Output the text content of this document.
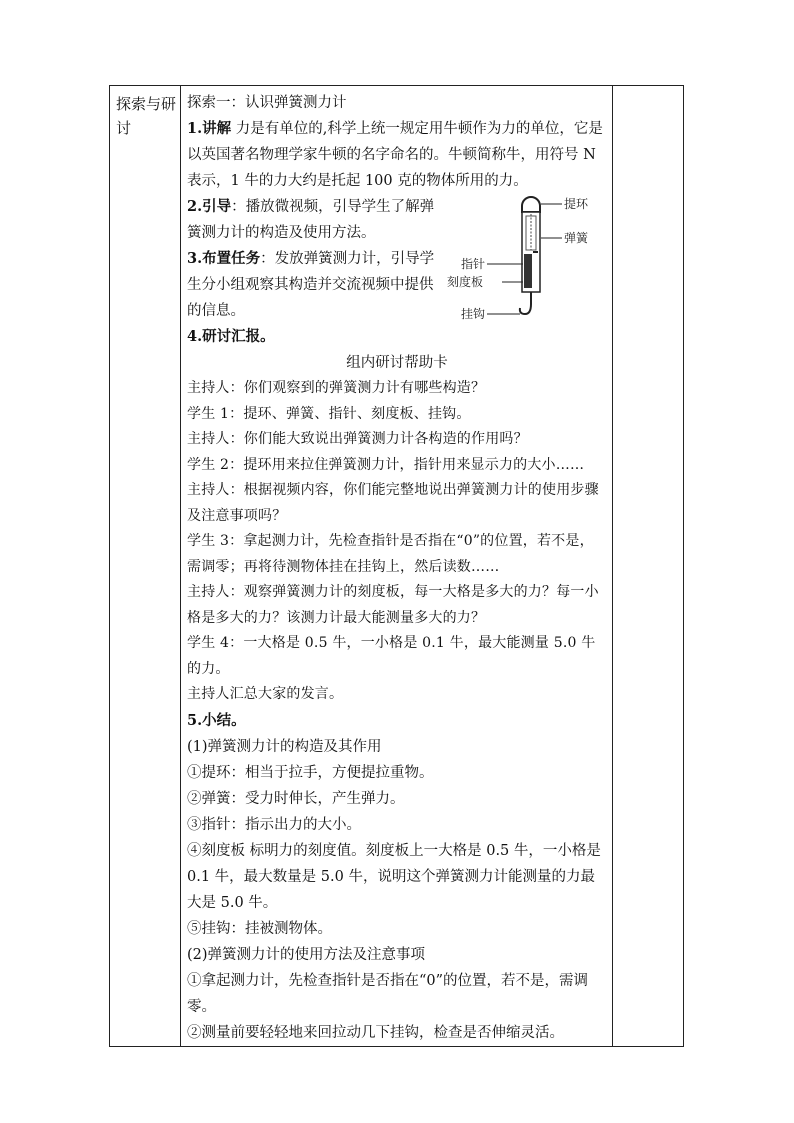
探索与研讨

探索一：认识弹簧测力计

1.讲解 力是有单位的,科学上统一规定用牛顿作为力的单位，它是以英国著名物理学家牛顿的名字命名的。牛顿简称牛，用符号 N 表示，1 牛的力大约是托起 100 克的物体所用的力。

2.引导：播放微视频，引导学生了解弹簧测力计的构造及使用方法。

3.布置任务：发放弹簧测力计，引导学生分小组观察其构造并交流视频中提供的信息。

4.研讨汇报。

提环
弹簧
指针
刻度板
挂钩

组内研讨帮助卡

主持人：你们观察到的弹簧测力计有哪些构造？

学生 1：提环、弹簧、指针、刻度板、挂钩。

主持人：你们能大致说出弹簧测力计各构造的作用吗？

学生 2：提环用来拉住弹簧测力计，指针用来显示力的大小……

主持人：根据视频内容，你们能完整地说出弹簧测力计的使用步骤及注意事项吗？

学生 3：拿起测力计，先检查指针是否指在“0”的位置，若不是，需调零；再将待测物体挂在挂钩上，然后读数……

主持人：观察弹簧测力计的刻度板，每一大格是多大的力？每一小格是多大的力？该测力计最大能测量多大的力？

学生 4：一大格是 0.5 牛，一小格是 0.1 牛，最大能测量 5.0 牛的力。

主持人汇总大家的发言。

5.小结。

(1)弹簧测力计的构造及其作用

①提环：相当于拉手，方便提拉重物。

②弹簧：受力时伸长，产生弹力。

③指针：指示出力的大小。

④刻度板 标明力的刻度值。刻度板上一大格是 0.5 牛，一小格是 0.1 牛，最大数量是 5.0 牛，说明这个弹簧测力计能测量的力最大是 5.0 牛。

⑤挂钩：挂被测物体。

(2)弹簧测力计的使用方法及注意事项

①拿起测力计，先检查指针是否指在“0”的位置，若不是，需调零。

②测量前要轻轻地来回拉动几下挂钩，检查是否伸缩灵活。
